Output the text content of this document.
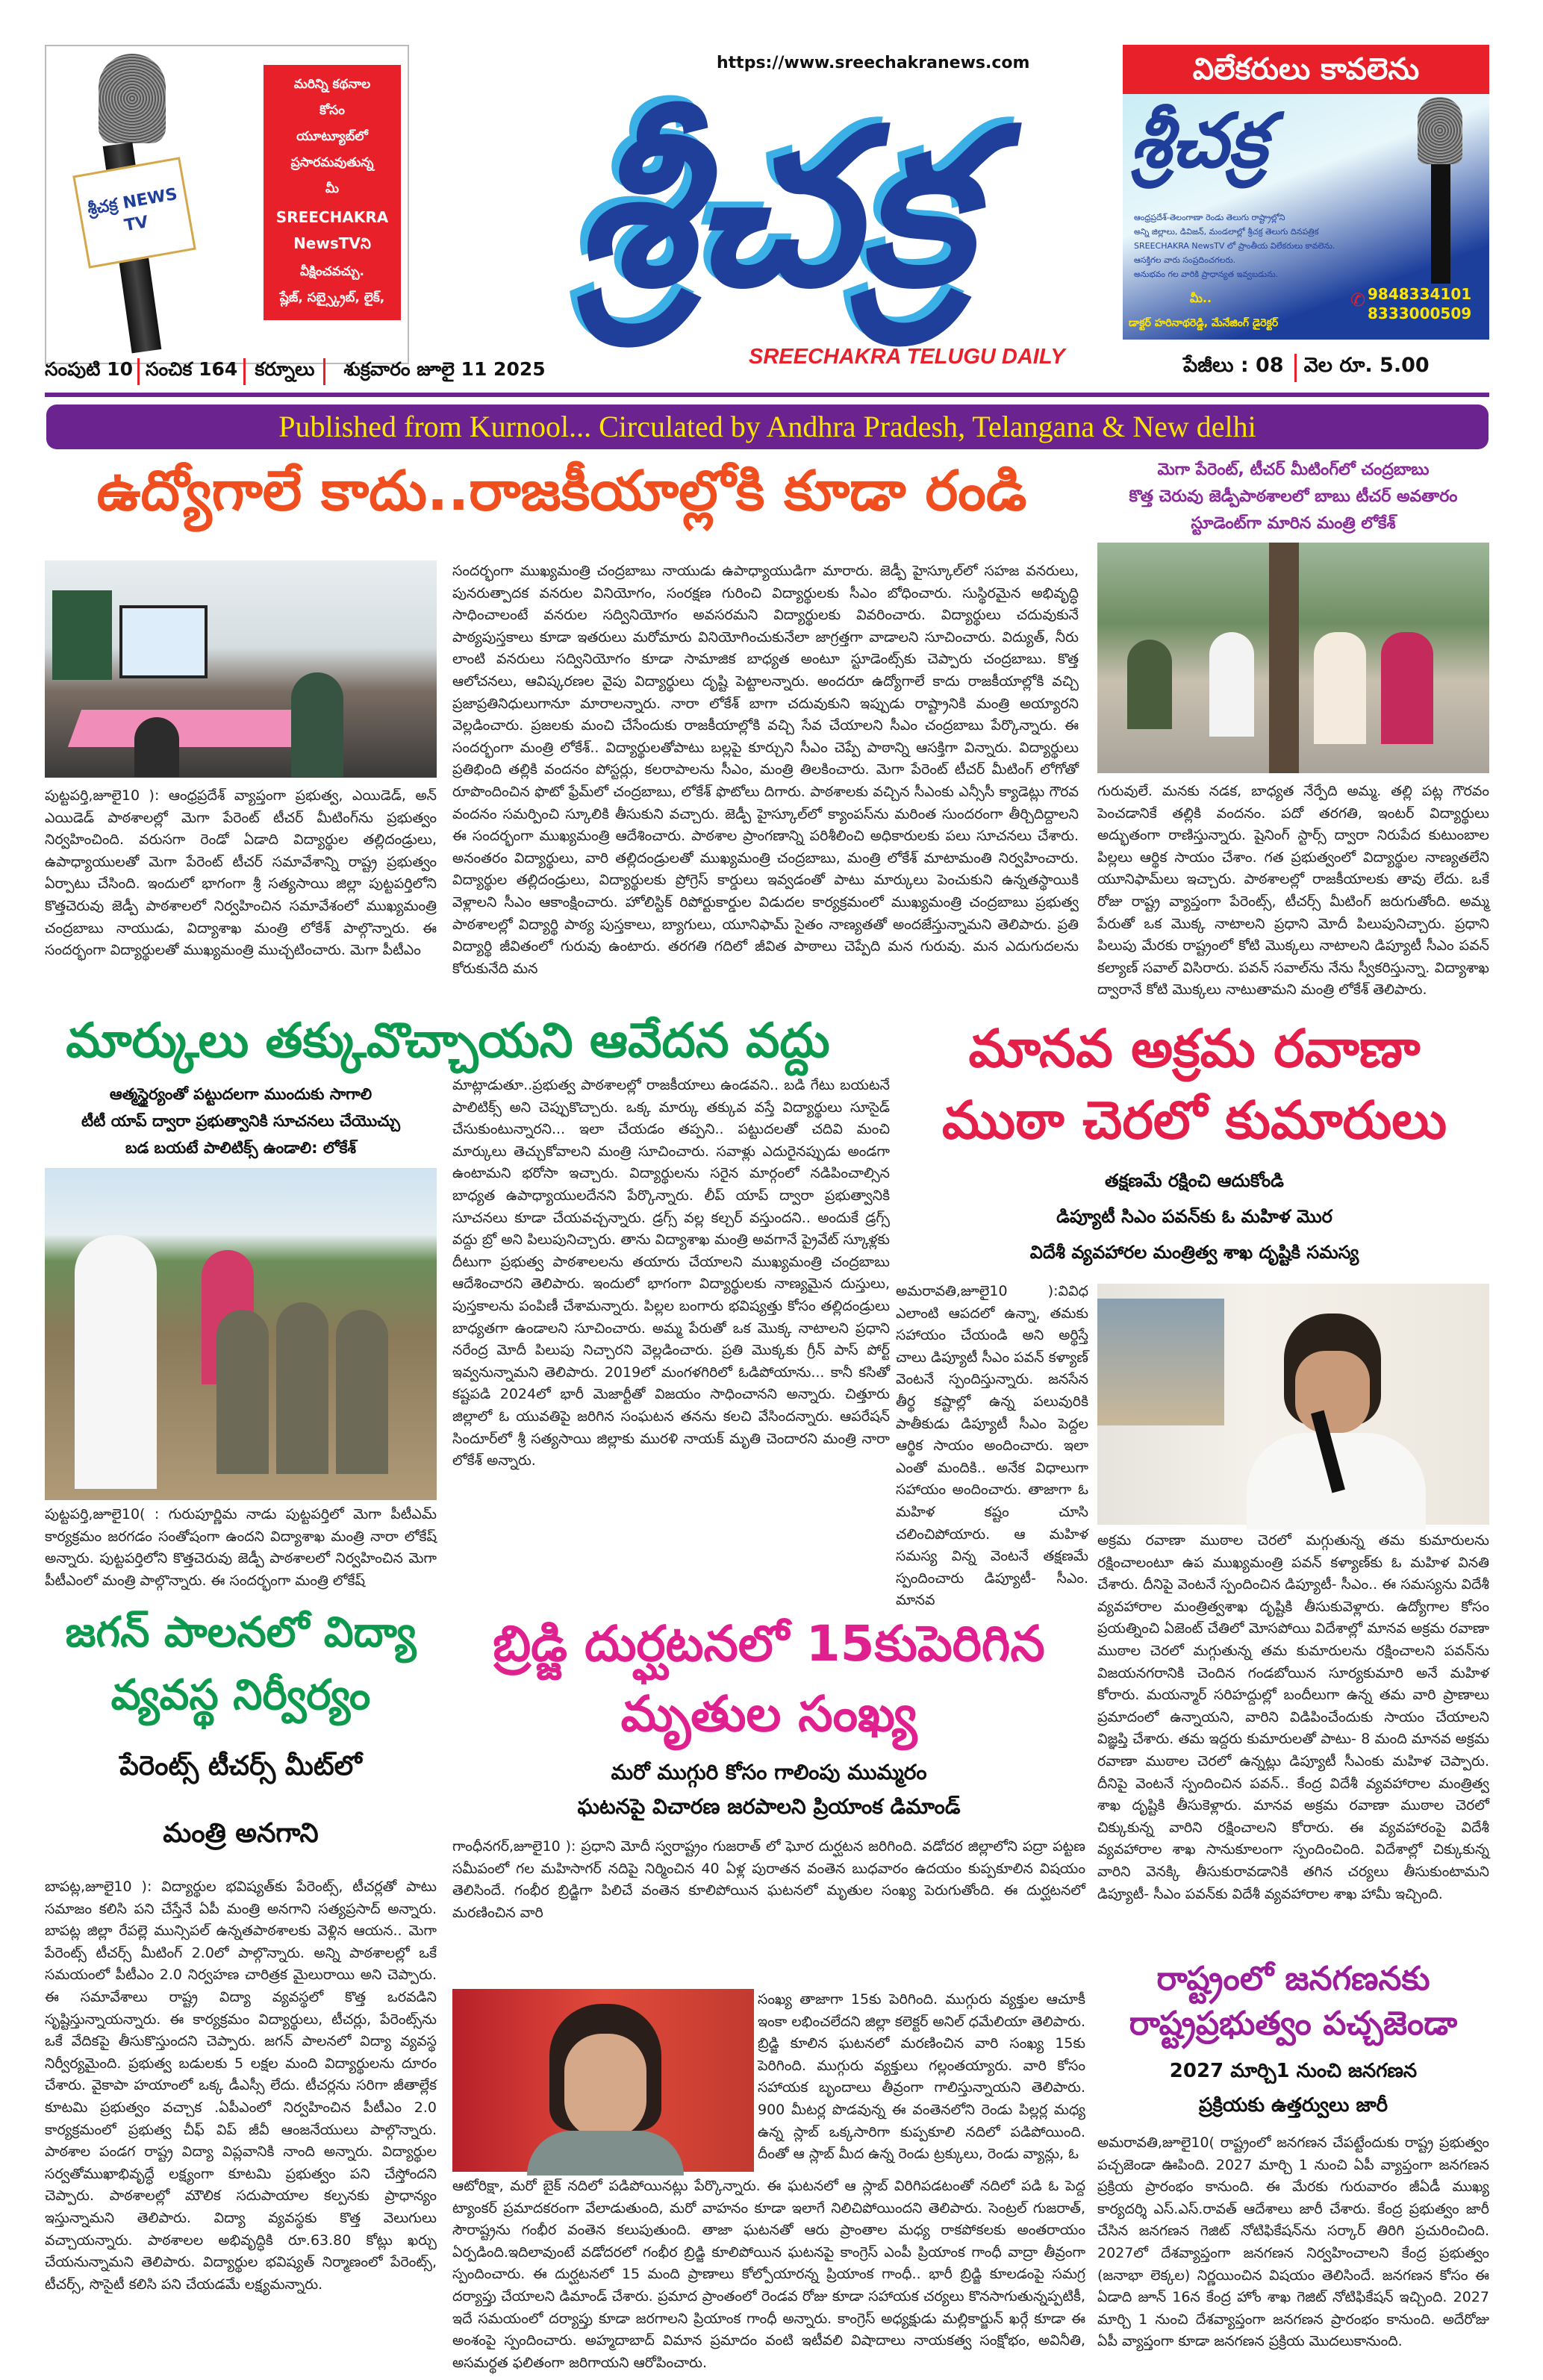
శ్రీచక్ర NEWS TV
మరిన్ని కథనాల
కోసం
యూట్యూబ్‌లో
ప్రసారమవుతున్న
మీ
SREECHAKRA
NewsTVని
వీక్షించవచ్చు.
ష్లేజ్, సబ్స్క్రైబ్, లైక్,
https://www.sreechakranews.com
శ్రీచక్ర
SREECHAKRA TELUGU DAILY
విలేకరులు కావలెను
శ్రీచక్ర
ఆంధ్రప్రదేశ్-తెలంగాణా రెండు తెలుగు రాష్ట్రాల్లోని
అన్ని జిల్లాలు, డివిజన్, మండలాల్లో శ్రీచక్ర తెలుగు దినపత్రిక
SREECHAKRA NewsTV లో ప్రాంతీయ విలేకరులు కావలెను.
ఆసక్తిగల వారు సంప్రదించగలరు.
అనుభవం గల వారికి ప్రాధాన్యత ఇవ్వబడును.
మీ..
డాక్టర్ హరినాథరెడ్డి, మేనేజింగ్ డైరెక్టర్
✆ 9848334101
8333000509
సంపుటి 10 సంచిక 164 కర్నూలు	శుక్రవారం జూలై 11 2025	పేజీలు : 08	వెల రూ. 5.00
Published from Kurnool... Circulated by Andhra Pradesh, Telangana & New delhi
ఉద్యోగాలే కాదు..రాజకీయాల్లోకి కూడా రండి	మెగా పేరెంట్, టీచర్ మీటింగ్‌లో చంద్రబాబు
కొత్త చెరువు జెడ్పీపాఠశాలలో బాబు టీచర్ అవతారం
స్టూడెంట్‌గా మారిన మంత్రి లోకేశ్
సందర్భంగా ముఖ్యమంత్రి చంద్రబాబు నాయుడు ఉపాధ్యాయుడిగా మారారు. జెడ్పీ హైస్కూల్‌లో సహజ వనరులు, పునరుత్పాదక వనరుల వినియోగం, సంరక్షణ గురించి విద్యార్థులకు సీఎం బోధించారు. సుస్థిరమైన అభివృద్ధి సాధించాలంటే వనరుల సద్వినియోగం అవసరమని విద్యార్థులకు వివరించారు. విద్యార్థులు చదువుకునే పాఠ్యపుస్తకాలు కూడా ఇతరులు మరోమారు వినియోగించుకునేలా జాగ్రత్తగా వాడాలని సూచించారు. విద్యుత్, నీరు లాంటి వనరులు సద్వినియోగం కూడా సామాజిక బాధ్యత అంటూ స్టూడెంట్స్‌కు చెప్పారు చంద్రబాబు. కొత్త ఆలోచనలు, ఆవిష్కరణల వైపు విద్యార్థులు దృష్టి పెట్టాలన్నారు. అందరూ ఉద్యోగాలే కాదు రాజకీయాల్లోకి వచ్చి ప్రజాప్రతినిధులుగానూ మారాలన్నారు. నారా లోకేశ్ బాగా చదువుకుని ఇప్పుడు రాష్ట్రానికి మంత్రి అయ్యారని వెల్లడించారు. ప్రజలకు మంచి చేసేందుకు రాజకీయాల్లోకి వచ్చి సేవ చేయాలని సీఎం చంద్రబాబు పేర్కొన్నారు. ఈ సందర్భంగా మంత్రి లోకేశ్.. విద్యార్థులతోపాటు బల్లపై కూర్చుని సీఎం చెప్పే పాఠాన్ని ఆసక్తిగా విన్నారు. విద్యార్థులు ప్రతిభింది తల్లికి వందనం పోస్టర్లు, కలరాపాలను సీఎం, మంత్రి తిలకించారు. మెగా పేరెంట్ టీచర్ మీటింగ్ లోగోతో రూపొందించిన ఫొటో ఫ్రేమ్‌లో చంద్రబాబు, లోకేశ్ ఫొటోలు దిగారు. పాఠశాలకు వచ్చిన సీఎంకు ఎన్సీసీ క్యాడెట్లు గౌరవ వందనం సమర్పించి స్కూలికి తీసుకుని వచ్చారు. జెడ్పీ హైస్కూల్‌లో క్యాంపస్‌ను మరింత సుందరంగా తీర్చిదిద్దాలని ఈ సందర్భంగా ముఖ్యమంత్రి ఆదేశించారు. పాఠశాల ప్రాంగణాన్ని పరిశీలించి అధికారులకు పలు సూచనలు చేశారు. అనంతరం విద్యార్థులు, వారి తల్లిదండ్రులతో ముఖ్యమంత్రి చంద్రబాబు, మంత్రి లోకేశ్ మాటామంతి నిర్వహించారు. విద్యార్థుల తల్లిదండ్రులు, విద్యార్థులకు ప్రోగ్రెస్ కార్డులు ఇవ్వడంతో పాటు మార్కులు పెంచుకుని ఉన్నతస్థాయికి వెళ్లాలని సీఎం ఆకాంక్షించారు. హోలిస్టిక్ రిపోర్టుకార్డుల విడుదల కార్యక్రమంలో ముఖ్యమంత్రి చంద్రబాబు ప్రభుత్వ పాఠశాలల్లో విద్యార్థి పాఠ్య పుస్తకాలు, బ్యాగులు, యూనిఫామ్ సైతం నాణ్యతతో అందజేస్తున్నామని తెలిపారు. ప్రతి విద్యార్థి జీవితంలో గురువు ఉంటారు. తరగతి గదిలో జీవిత పాఠాలు చెప్పేది మన గురువు. మన ఎదుగుదలను కోరుకునేది మన
పుట్టపర్తి,జూలై10 ): ఆంధ్రప్రదేశ్ వ్యాప్తంగా ప్రభుత్వ, ఎయిడెడ్, అన్ ఎయిడెడ్ పాఠశాలల్లో మెగా పేరెంట్ టీచర్ మీటింగ్‌ను ప్రభుత్వం నిర్వహించింది. వరుసగా రెండో ఏడాది విద్యార్థుల తల్లిదండ్రులు, ఉపాధ్యాయులతో మెగా పేరెంట్ టీచర్ సమావేశాన్ని రాష్ట్ర ప్రభుత్వం ఏర్పాటు చేసింది. ఇందులో భాగంగా శ్రీ సత్యసాయి జిల్లా పుట్టపర్తిలోని కొత్తచెరువు జెడ్పీ పాఠశాలలో నిర్వహించిన సమావేశంలో ముఖ్యమంత్రి చంద్రబాబు నాయుడు, విద్యాశాఖ మంత్రి లోకేశ్ పాల్గొన్నారు. ఈ సందర్భంగా విద్యార్థులతో ముఖ్యమంత్రి ముచ్చటించారు. మెగా పీటీఎం
గురువులే. మనకు నడక, బాధ్యత నేర్పేది అమ్మ. తల్లి పట్ల గౌరవం పెంచడానికే తల్లికి వందనం. పదో తరగతి, ఇంటర్ విద్యార్థులు అద్భుతంగా రాణిస్తున్నారు. షైనింగ్ స్టార్స్ ద్వారా నిరుపేద కుటుంబాల పిల్లలు ఆర్థిక సాయం చేశాం. గత ప్రభుత్వంలో విద్యార్థుల నాణ్యతలేని యూనిఫామ్‌లు ఇచ్చారు. పాఠశాలల్లో రాజకీయాలకు తావు లేదు. ఒకే రోజు రాష్ట్ర వ్యాప్తంగా పేరెంట్స్, టీచర్స్ మీటింగ్ జరుగుతోంది. అమ్మ పేరుతో ఒక మొక్క నాటాలని ప్రధాని మోదీ పిలుపునిచ్చారు. ప్రధాని పిలుపు మేరకు రాష్ట్రంలో కోటి మొక్కలు నాటాలని డిప్యూటీ సీఎం పవన్ కల్యాణ్ సవాల్ విసిరారు. పవన్ సవాల్‌ను నేను స్వీకరిస్తున్నా. విద్యాశాఖ ద్వారానే కోటి మొక్కలు నాటుతామని మంత్రి లోకేశ్ తెలిపారు.
మార్కులు తక్కువొచ్చాయని ఆవేదన వద్దు
ఆత్మస్థైర్యంతో పట్టుదలగా ముందుకు సాగాలి
టీటీ యాప్ ద్వారా ప్రభుత్వానికి సూచనలు చేయొచ్చు
బడ బయటే పాలిటిక్స్ ఉండాలి: లోకేశ్
పుట్టపర్తి,జూలై10( : గురుపూర్ణిమ నాడు పుట్టపర్తిలో మెగా పీటీఎమ్ కార్యక్రమం జరగడం సంతోషంగా ఉందని విద్యాశాఖ మంత్రి నారా లోకేష్ అన్నారు. పుట్టపర్తిలోని కొత్తచెరువు జెడ్పీ పాఠశాలలో నిర్వహించిన మెగా పీటీఎంలో మంత్రి పాల్గొన్నారు. ఈ సందర్భంగా మంత్రి లోకేష్
మాట్లాడుతూ..ప్రభుత్వ పాఠశాలల్లో రాజకీయాలు ఉండవని.. బడి గేటు బయటనే పాలిటిక్స్ అని చెప్పుకొచ్చారు. ఒక్క మార్కు తక్కువ వస్తే విద్యార్థులు సూసైడ్ చేసుకుంటున్నారని... ఇలా చేయడం తప్పని.. పట్టుదలతో చదివి మంచి మార్కులు తెచ్చుకోవాలని మంత్రి సూచించారు. సవాళ్లు ఎదురైనప్పుడు అండగా ఉంటామని భరోసా ఇచ్చారు. విద్యార్థులను సరైన మార్గంలో నడిపించాల్సిన బాధ్యత ఉపాధ్యాయులదేనని పేర్కొన్నారు. లీప్ యాప్ ద్వారా ప్రభుత్వానికి సూచనలు కూడా చేయవచ్చన్నారు. డ్రగ్స్ వల్ల కల్చర్ వస్తుందని.. అందుకే డ్రగ్స్ వద్దు బ్రో అని పిలుపునిచ్చారు. తాను విద్యాశాఖ మంత్రి అవగానే ప్రైవేట్ స్కూళ్లకు దీటుగా ప్రభుత్వ పాఠశాలలను తయారు చేయాలని ముఖ్యమంత్రి చంద్రబాబు ఆదేశించారని తెలిపారు. ఇందులో భాగంగా విద్యార్థులకు నాణ్యమైన దుస్తులు, పుస్తకాలను పంపిణీ చేశామన్నారు. పిల్లల బంగారు భవిష్యత్తు కోసం తల్లిదండ్రులు బాధ్యతగా ఉండాలని సూచించారు. అమ్మ పేరుతో ఒక మొక్క నాటాలని ప్రధాని నరేంద్ర మోదీ పిలుపు నిచ్చారని వెల్లడించారు. ప్రతి మొక్కకు గ్రీన్ పాస్ పోర్ట్ ఇవ్వనున్నామని తెలిపారు. 2019లో మంగళగిరిలో ఓడిపోయాను... కానీ కసితో కష్టపడి 2024లో భారీ మెజార్టీతో విజయం సాధించానని అన్నారు. చిత్తూరు జిల్లాలో ఓ యువతిపై జరిగిన సంఘటన తనను కలచి వేసిందన్నారు. ఆపరేషన్ సిందూర్‌లో శ్రీ సత్యసాయి జిల్లాకు మురళి నాయక్ మృతి చెందారని మంత్రి నారా లోకేశ్ అన్నారు.
మానవ అక్రమ రవాణా
ముఠా చెరలో కుమారులు
తక్షణమే రక్షించి ఆదుకోండి
డిప్యూటీ సిఎం పవన్‌కు ఓ మహిళ మొర
విదేశీ వ్యవహారల మంత్రిత్వ శాఖ దృష్టికి సమస్య
అమరావతి,జూలై10 ):వివిధ ఎలాంటి ఆపదలో ఉన్నా, తమకు సహాయం చేయండి అని అర్థిస్తే చాలు డిప్యూటీ సీఎం పవన్ కళ్యాణ్ వెంటనే స్పందిస్తున్నారు. జనసేన తీర్థ కష్టాల్లో ఉన్న పలువురికి పాతీకుడు డిప్యూటీ సీఎం పెద్దల ఆర్థిక సాయం అందించారు. ఇలా ఎంతో మందికి.. అనేక విధాలుగా సహాయం అందించారు. తాజాగా ఓ మహిళ కష్టం చూసి చలించిపోయారు. ఆ మహిళ సమస్య విన్న వెంటనే తక్షణమే స్పందించారు డిప్యూటీ- సీఎం. మానవ
అక్రమ రవాణా ముఠాల చెరలో మగ్గుతున్న తమ కుమారులను రక్షించాలంటూ ఉప ముఖ్యమంత్రి పవన్ కళ్యాణ్‌కు ఓ మహిళ వినతి చేశారు. దీనిపై వెంటనే స్పందించిన డిప్యూటీ- సీఎం.. ఈ సమస్యను విదేశీ వ్యవహారాల మంత్రిత్వశాఖ దృష్టికి తీసుకువెళ్లారు. ఉద్యోగాల కోసం ప్రయత్నించి ఏజెంట్ చేతిలో మోసపోయి విదేశాల్లో మానవ అక్రమ రవాణా ముఠాల చెరలో మగ్గుతున్న తమ కుమారులను రక్షించాలని పవన్‌ను విజయనగరానికి చెందిన గండబోయిన సూర్యకుమారి అనే మహిళ కోరారు. మయన్మార్ సరిహద్దుల్లో బందీలుగా ఉన్న తమ వారి ప్రాణాలు ప్రమాదంలో ఉన్నాయని, వారిని విడిపించేందుకు సాయం చేయాలని విజ్ఞప్తి చేశారు. తమ ఇద్దరు కుమారులతో పాటు- 8 మంది మానవ అక్రమ రవాణా ముఠాల చెరలో ఉన్నట్లు డిప్యూటీ సీఎంకు మహిళ చెప్పారు. దీనిపై వెంటనే స్పందించిన పవన్.. కేంద్ర విదేశీ వ్యవహారాల మంత్రిత్వ శాఖ దృష్టికి తీసుకెళ్లారు. మానవ అక్రమ రవాణా ముఠాల చెరలో చిక్కుకున్న వారిని రక్షించాలని కోరారు. ఈ వ్యవహారంపై విదేశీ వ్యవహారాల శాఖ సానుకూలంగా స్పందించింది. విదేశాల్లో చిక్కుకున్న వారిని వెనక్కి తీసుకురావడానికి తగిన చర్యలు తీసుకుంటామని డిప్యూటీ- సీఎం పవన్‌కు విదేశీ వ్యవహారాల శాఖ హామీ ఇచ్చింది.
జగన్ పాలనలో విద్యా
వ్యవస్థ నిర్వీర్యం
పేరెంట్స్ టీచర్స్ మీట్‌లో
మంత్రి అనగాని
బాపట్ల,జూలై10 ): విద్యార్థుల భవిష్యత్‌కు పేరెంట్స్, టీచర్లతో పాటు సమాజం కలిసి పని చేస్తేనే ఏపీ మంత్రి అనగాని సత్యప్రసాద్ అన్నారు. బాపట్ల జిల్లా రేపల్లె మున్సిపల్ ఉన్నతపాఠశాలకు వెళ్లిన ఆయన.. మెగా పేరెంట్స్ టీచర్స్ మీటింగ్ 2.0లో పాల్గొన్నారు. అన్ని పాఠశాలల్లో ఒకే సమయంలో పీటీఎం 2.0 నిర్వహణ చారిత్రక మైలురాయి అని చెప్పారు. ఈ సమావేశాలు రాష్ట్ర విద్యా వ్యవస్థలో కొత్త ఒరవడిని సృష్టిస్తున్నాయన్నారు. ఈ కార్యక్రమం విద్యార్థులు, టీచర్లు, పేరెంట్స్‌ను ఒకే వేదికపై తీసుకొస్తుందని చెప్పారు. జగన్ పాలనలో విద్యా వ్యవస్థ నిర్వీర్యమైంది. ప్రభుత్వ బడులకు 5 లక్షల మంది విద్యార్థులను దూరం చేశారు. వైకాపా హయాంలో ఒక్క డీఎస్సీ లేదు. టీచర్లను సరిగా జీతాల్లేక కూటమి ప్రభుత్వం వచ్చాక .ఏపీఎంలో నిర్వహించిన పీటీఎం 2.0 కార్యక్రమంలో ప్రభుత్వ చీఫ్ విప్ జీవీ ఆంజనేయులు పాల్గొన్నారు. పాఠశాల పండగ రాష్ట్ర విద్యా విప్లవానికి నాంది అన్నారు. విద్యార్థుల సర్వతోముఖాభివృద్ధే లక్ష్యంగా కూటమి ప్రభుత్వం పని చేస్తోందని చెప్పారు. పాఠశాలల్లో మౌలిక సదుపాయాల కల్పనకు ప్రాధాన్యం ఇస్తున్నామని తెలిపారు. విద్యా వ్యవస్థకు కొత్త వెలుగులు వచ్చాయన్నారు. పాఠశాలల అభివృద్ధికి రూ.63.80 కోట్లు ఖర్చు చేయనున్నామని తెలిపారు. విద్యార్థుల భవిష్యత్ నిర్మాణంలో పేరెంట్స్, టీచర్స్, సొసైటీ కలిసి పని చేయడమే లక్ష్యమన్నారు.
బ్రిడ్జి దుర్ఘటనలో 15కుపెరిగిన
మృతుల సంఖ్య
మరో ముగ్గురి కోసం గాలింపు ముమ్మరం
ఘటనపై విచారణ జరపాలని ప్రియాంక డిమాండ్
గాంధీనగర్,జూలై10 ): ప్రధాని మోదీ స్వరాష్ట్రం గుజరాత్ లో ఘోర దుర్ఘటన జరిగింది. వడోదర జిల్లాలోని పద్రా పట్టణ సమీపంలో గల మహిసాగర్ నదిపై నిర్మించిన 40 ఏళ్ల పురాతన వంతెన బుధవారం ఉదయం కుప్పకూలిన విషయం తెలిసిందే. గంభీర బ్రిడ్జిగా పిలిచే వంతెన కూలిపోయిన ఘటనలో మృతుల సంఖ్య పెరుగుతోంది. ఈ దుర్ఘటనలో మరణించిన వారి
సంఖ్య తాజాగా 15కు పెరిగింది. ముగ్గురు వ్యక్తుల ఆచూకీ ఇంకా లభించలేదని జిల్లా కలెక్టర్ అనిల్ ధమేలియా తెలిపారు. బ్రిడ్జి కూలిన ఘటనలో మరణించిన వారి సంఖ్య 15కు పెరిగింది. ముగ్గురు వ్యక్తులు గల్లంతయ్యారు. వారి కోసం సహాయక బృందాలు తీవ్రంగా గాలిస్తున్నాయని తెలిపారు. 900 మీటర్ల పొడవున్న ఈ వంతెనలోని రెండు పిల్లర్ల మధ్య ఉన్న స్లాబ్ ఒక్కసారిగా కుప్పకూలి నదిలో పడిపోయింది. దీంతో ఆ స్లాబ్ మీద ఉన్న రెండు ట్రక్కులు, రెండు వ్యాన్లు, ఓ
ఆటోరిక్షా, మరో బైక్ నదిలో పడిపోయినట్లు పేర్కొన్నారు. ఈ ఘటనలో ఆ స్లాబ్ విరిగిపడటంతో నదిలో పడి ఓ పెద్ద ట్యాంకర్ ప్రమాదకరంగా వేలాడుతుంది, మరో వాహనం కూడా ఇలాగే నిలిచిపోయిందని తెలిపారు. సెంట్రల్ గుజరాత్, సౌరాష్ట్రను గంభీర వంతెన కలుపుతుంది. తాజా ఘటనతో ఆరు ప్రాంతాల మధ్య రాకపోకలకు అంతరాయం ఏర్పడింది.ఇదిలావుంటే వడోదరలో గంభీర బ్రిడ్జి కూలిపోయిన ఘటనపై కాంగ్రెస్ ఎంపీ ప్రియాంక గాంధీ వాద్రా తీవ్రంగా స్పందించారు. ఈ దుర్ఘటనలో 15 మంది ప్రాణాలు కోల్పోయారన్న ప్రియాంక గాంధీ.. భారీ బ్రిడ్జి కూలడంపై సమగ్ర దర్యాప్తు చేయాలని డిమాండ్ చేశారు. ప్రమాద ప్రాంతంలో రెండవ రోజు కూడా సహాయక చర్యలు కొనసాగుతున్నప్పటికీ, ఇదే సమయంలో దర్యాప్తు కూడా జరగాలని ప్రియాంక గాంధీ అన్నారు. కాంగ్రెస్ అధ్యక్షుడు మల్లికార్జున్ ఖర్గే కూడా ఈ అంశంపై స్పందించారు. అహ్మదాబాద్ విమాన ప్రమాదం వంటి ఇటీవలి విషాదాలు నాయకత్వ సంక్షోభం, అవినీతి, అసమర్థత ఫలితంగా జరిగాయని ఆరోపించారు.
రాష్ట్రంలో జనగణనకు
రాష్ట్రప్రభుత్వం పచ్చజెండా
2027 మార్చి1 నుంచి జనగణన
ప్రక్రియకు ఉత్తర్వులు జారీ
అమరావతి,జూలై10( రాష్ట్రంలో జనగణన చేపట్టేందుకు రాష్ట్ర ప్రభుత్వం పచ్చజెండా ఊపింది. 2027 మార్చి 1 నుంచి ఏపీ వ్యాప్తంగా జనగణన ప్రక్రియ ప్రారంభం కానుంది. ఈ మేరకు గురువారం జీఏడీ ముఖ్య కార్యదర్శి ఎస్.ఎస్.రావత్ ఆదేశాలు జారీ చేశారు. కేంద్ర ప్రభుత్వం జారీ చేసిన జనగణన గెజిట్ నోటిఫికేషన్‌ను సర్కార్ తిరిగి ప్రచురించింది. 2027లో దేశవ్యాప్తంగా జనగణన నిర్వహించాలని కేంద్ర ప్రభుత్వం (జనాభా లెక్కల) నిర్ణయించిన విషయం తెలిసిందే. జనగణన కోసం ఈ ఏడాది జూన్ 16న కేంద్ర హోం శాఖ గెజిట్ నోటిఫికేషన్ ఇచ్చింది. 2027 మార్చి 1 నుంచి దేశవ్యాప్తంగా జనగణన ప్రారంభం కానుంది. అదేరోజు ఏపీ వ్యాప్తంగా కూడా జనగణన ప్రక్రియ మొదలుకానుంది.
